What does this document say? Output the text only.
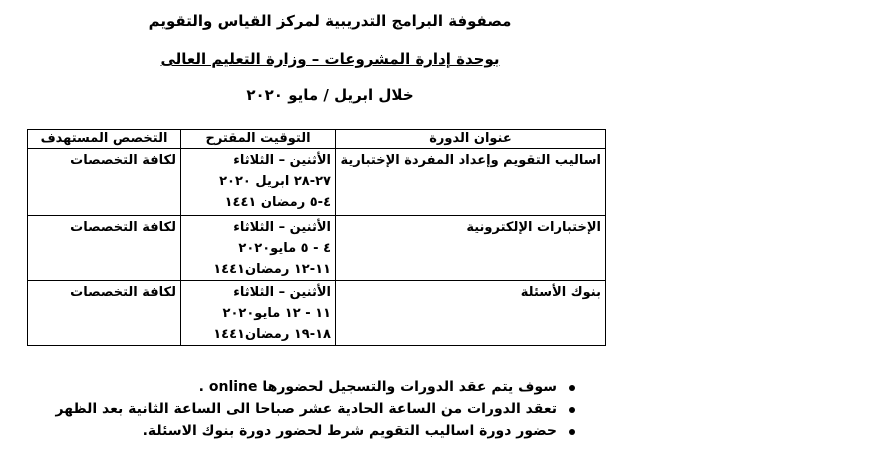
مصفوفة البرامج التدريبية لمركز القياس والتقويم
بوحدة إدارة المشروعات – وزارة التعليم العالى
خلال ابريل / مايو ٢٠٢٠
عنوان الدورة	التوقيت المقترح	التخصص المستهدف
اساليب التقويم وإعداد المفردة الإختبارية	الأثنين – الثلاثاء
٢٧-٢٨ ابريل ٢٠٢٠
٤-٥ رمضان ١٤٤١	لكافة التخصصات
الإختبارات الإلكترونية	الأثنين – الثلاثاء
٤ - ٥ مايو٢٠٢٠
١١-١٢ رمضان١٤٤١	لكافة التخصصات
بنوك الأسئلة	الأثنين – الثلاثاء
١١ - ١٢ مايو٢٠٢٠
١٨-١٩ رمضان١٤٤١	لكافة التخصصات
سوف يتم عقد الدورات والتسجيل لحضورها online .
تعقد الدورات من الساعة الحادية عشر صباحا الى الساعة الثانية بعد الظهر
حضور دورة اساليب التقويم شرط لحضور دورة بنوك الاسئلة.
